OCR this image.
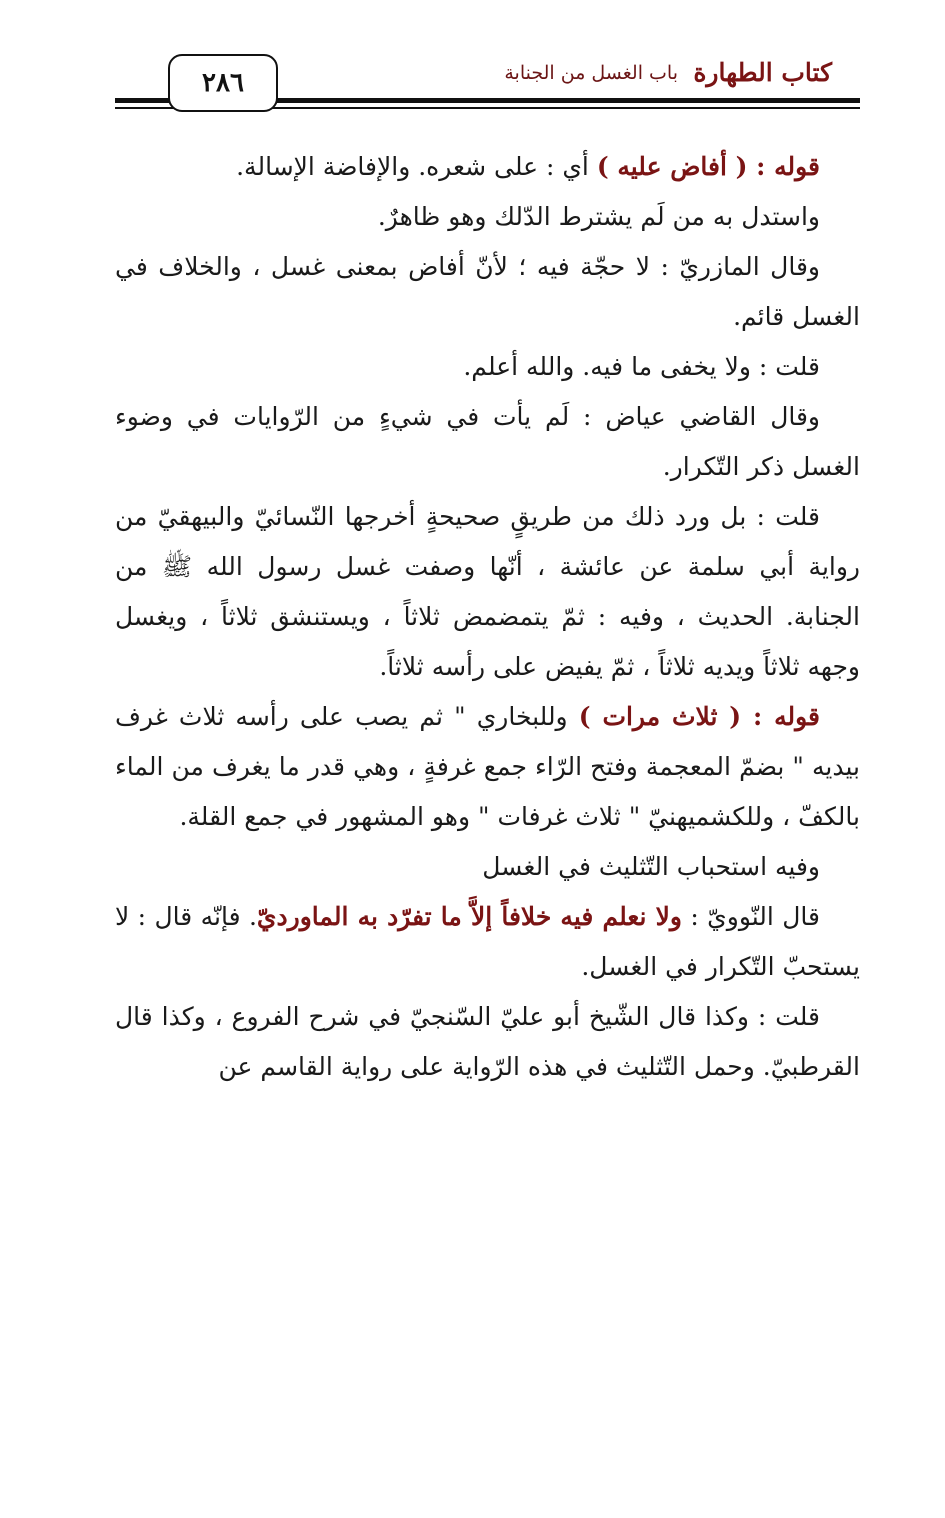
كتاب الطهارة
باب الغسل من الجنابة
٢٨٦

قوله : ( أفاض عليه ) أي : على شعره. والإفاضة الإسالة.

واستدل به من لَم يشترط الدّلك وهو ظاهرٌ.

وقال المازريّ : لا حجّة فيه ؛ لأنّ أفاض بمعنى غسل ، والخلاف في الغسل قائم.

قلت : ولا يخفى ما فيه. والله أعلم.

وقال القاضي عياض : لَم يأت في شيءٍ من الرّوايات في وضوء الغسل ذكر التّكرار.

قلت : بل ورد ذلك من طريقٍ صحيحةٍ أخرجها النّسائيّ والبيهقيّ من رواية أبي سلمة عن عائشة ، أنّها وصفت غسل رسول الله ﷺ من الجنابة. الحديث ، وفيه : ثمّ يتمضمض ثلاثاً ، ويستنشق ثلاثاً ، ويغسل وجهه ثلاثاً ويديه ثلاثاً ، ثمّ يفيض على رأسه ثلاثاً.

قوله : ( ثلاث مرات ) وللبخاري " ثم يصب على رأسه ثلاث غرف بيديه " بضمّ المعجمة وفتح الرّاء جمع غرفةٍ ، وهي قدر ما يغرف من الماء بالكفّ ، وللكشميهنيّ " ثلاث غرفات " وهو المشهور في جمع القلة.

وفيه استحباب التّثليث في الغسل

قال النّوويّ : ولا نعلم فيه خلافاً إلاَّ ما تفرّد به الماورديّ. فإنّه قال : لا يستحبّ التّكرار في الغسل.

قلت : وكذا قال الشّيخ أبو عليّ السّنجيّ في شرح الفروع ، وكذا قال القرطبيّ. وحمل التّثليث في هذه الرّواية على رواية القاسم عن
